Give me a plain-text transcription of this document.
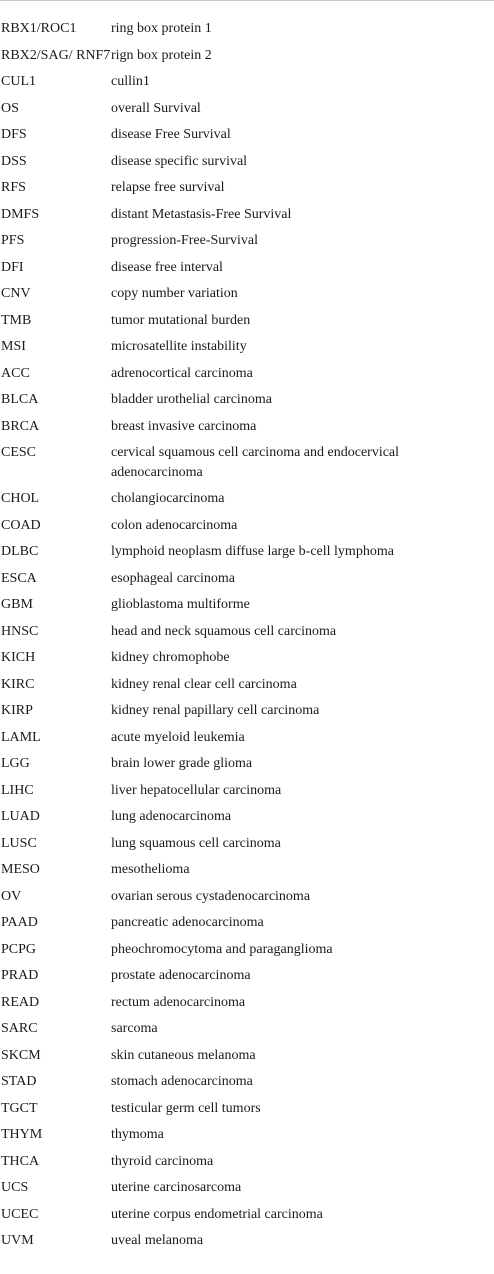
RBX1/ROC1	ring box protein 1
RBX2/SAG/ RNF7	rign box protein 2
CUL1	cullin1
OS	overall Survival
DFS	disease Free Survival
DSS	disease specific survival
RFS	relapse free survival
DMFS	distant Metastasis-Free Survival
PFS	progression-Free-Survival
DFI	disease free interval
CNV	copy number variation
TMB	tumor mutational burden
MSI	microsatellite instability
ACC	adrenocortical carcinoma
BLCA	bladder urothelial carcinoma
BRCA	breast invasive carcinoma
CESC	cervical squamous cell carcinoma and endocervical adenocarcinoma
CHOL	cholangiocarcinoma
COAD	colon adenocarcinoma
DLBC	lymphoid neoplasm diffuse large b-cell lymphoma
ESCA	esophageal carcinoma
GBM	glioblastoma multiforme
HNSC	head and neck squamous cell carcinoma
KICH	kidney chromophobe
KIRC	kidney renal clear cell carcinoma
KIRP	kidney renal papillary cell carcinoma
LAML	acute myeloid leukemia
LGG	brain lower grade glioma
LIHC	liver hepatocellular carcinoma
LUAD	lung adenocarcinoma
LUSC	lung squamous cell carcinoma
MESO	mesothelioma
OV	ovarian serous cystadenocarcinoma
PAAD	pancreatic adenocarcinoma
PCPG	pheochromocytoma and paraganglioma
PRAD	prostate adenocarcinoma
READ	rectum adenocarcinoma
SARC	sarcoma
SKCM	skin cutaneous melanoma
STAD	stomach adenocarcinoma
TGCT	testicular germ cell tumors
THYM	thymoma
THCA	thyroid carcinoma
UCS	uterine carcinosarcoma
UCEC	uterine corpus endometrial carcinoma
UVM	uveal melanoma
